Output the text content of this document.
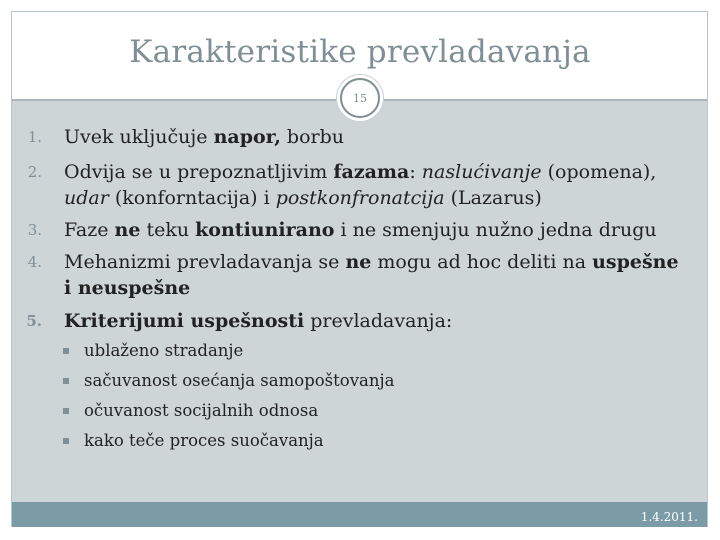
Karakteristike prevladavanja
15
1. Uvek uključuje napor, borbu
2. Odvija se u prepoznatljivim fazama: naslućivanje (opomena),
udar (konforntacija) i postkonfronatcija (Lazarus)
3. Faze ne teku kontiunirano i ne smenjuju nužno jedna drugu
4. Mehanizmi prevladavanja se ne mogu ad hoc deliti na uspešne
i neuspešne
5. Kriterijumi uspešnosti prevladavanja:
ublaženo stradanje
sačuvanost osećanja samopoštovanja
očuvanost socijalnih odnosa
kako teče proces suočavanja
1.4.2011.
